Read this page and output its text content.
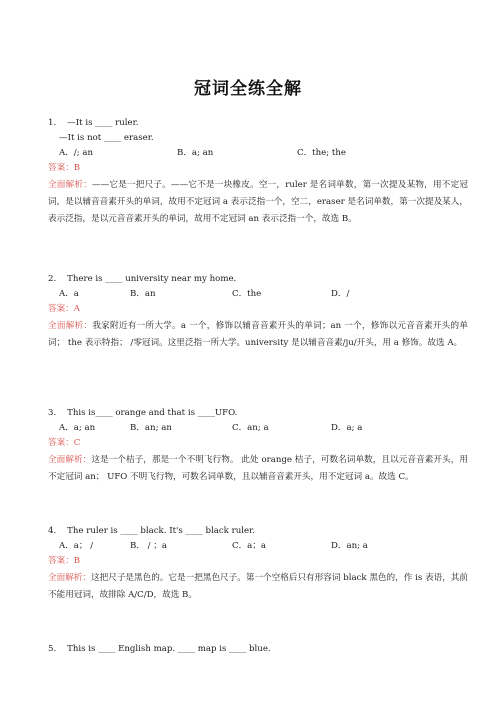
冠词全练全解
1. —It is ____ ruler.
—It is not ____ eraser.
A．/; an	B．a; an	C．the; the
答案：B
全面解析：——它是一把尺子。——它不是一块橡皮。空一，ruler 是名词单数，第一次提及某物，用不定冠词，是以辅音音素开头的单词，故用不定冠词 a 表示泛指一个，空二，eraser 是名词单数，第一次提及某人，表示泛指，是以元音音素开头的单词，故用不定冠词 an 表示泛指一个，故选 B。
2. There is ____ university near my home.
A．a	B．an	C．the	D．/
答案：A
全面解析：我家附近有一所大学。a 一个，修饰以辅音音素开头的单词；an 一个，修饰以元音音素开头的单词； the 表示特指； /零冠词。这里泛指一所大学。university 是以辅音音素/ju/开头，用 a 修饰。故选 A。
3. This is____ orange and that is ____UFO.
A．a; an	B．an; an	C．an; a	D．a; a
答案：C
全面解析：这是一个桔子，那是一个不明飞行物。 此处 orange 桔子，可数名词单数，且以元音音素开头，用不定冠词 an； UFO 不明飞行物，可数名词单数，且以辅音音素开头，用不定冠词 a。故选 C。
4. The ruler is ____ black. It's ____ black ruler.
A．a； /	B． / ；a	C．a；a	D．an; a
答案：B
全面解析：这把尺子是黑色的。它是一把黑色尺子。第一个空格后只有形容词 black 黑色的，作 is 表语，其前不能用冠词，故排除 A/C/D，故选 B。
5. This is ____ English map. ____ map is ____ blue.
